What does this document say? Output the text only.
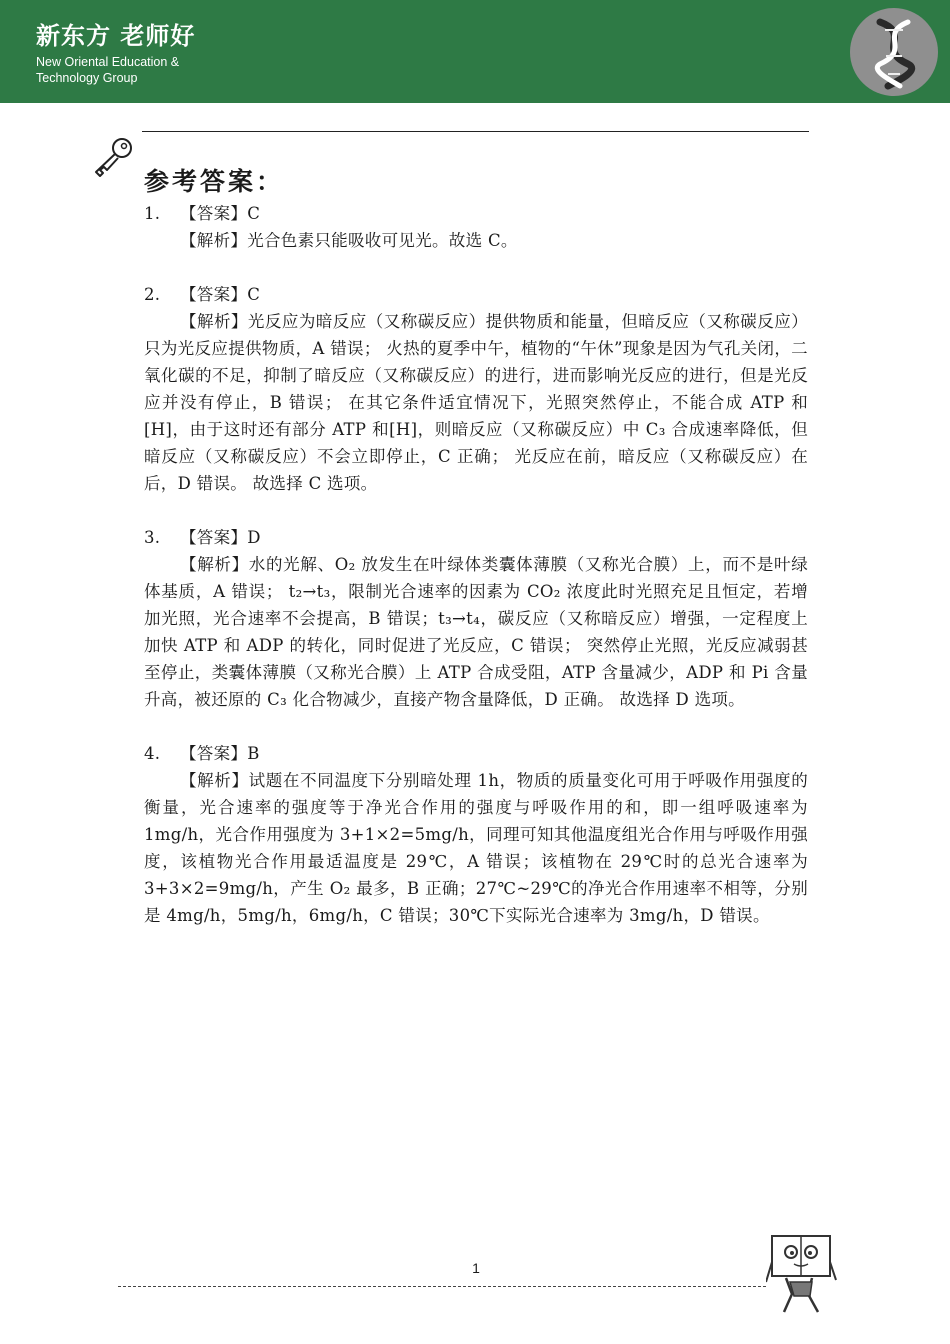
新东方 老师好
New Oriental Education &
Technology Group
参考答案：
1. 【答案】C
【解析】光合色素只能吸收可见光。故选 C。
2. 【答案】C
【解析】光反应为暗反应（又称碳反应）提供物质和能量，但暗反应（又称碳反应）只为光反应提供物质，A 错误； 火热的夏季中午，植物的“午休”现象是因为气孔关闭，二氧化碳的不足，抑制了暗反应（又称碳反应）的进行，进而影响光反应的进行，但是光反应并没有停止，B 错误； 在其它条件适宜情况下，光照突然停止，不能合成 ATP 和[H]，由于这时还有部分 ATP 和[H]，则暗反应（又称碳反应）中 C₃ 合成速率降低，但暗反应（又称碳反应）不会立即停止，C 正确； 光反应在前，暗反应（又称碳反应）在后，D 错误。 故选择 C 选项。
3. 【答案】D
【解析】水的光解、O₂ 放发生在叶绿体类囊体薄膜（又称光合膜）上，而不是叶绿体基质，A 错误； t₂→t₃，限制光合速率的因素为 CO₂ 浓度此时光照充足且恒定，若增加光照，光合速率不会提高，B 错误；t₃→t₄，碳反应（又称暗反应）增强，一定程度上加快 ATP 和 ADP 的转化，同时促进了光反应，C 错误； 突然停止光照，光反应减弱甚至停止，类囊体薄膜（又称光合膜）上 ATP 合成受阻，ATP 含量减少，ADP 和 Pi 含量升高，被还原的 C₃ 化合物减少，直接产物含量降低，D 正确。 故选择 D 选项。
4. 【答案】B
【解析】试题在不同温度下分别暗处理 1h，物质的质量变化可用于呼吸作用强度的衡量，光合速率的强度等于净光合作用的强度与呼吸作用的和，即一组呼吸速率为 1mg/h，光合作用强度为 3+1×2=5mg/h，同理可知其他温度组光合作用与呼吸作用强度，该植物光合作用最适温度是 29℃，A 错误；该植物在 29℃时的总光合速率为 3+3×2=9mg/h，产生 O₂ 最多，B 正确；27℃~29℃的净光合作用速率不相等，分别是 4mg/h，5mg/h，6mg/h，C 错误；30℃下实际光合速率为 3mg/h，D 错误。
1
